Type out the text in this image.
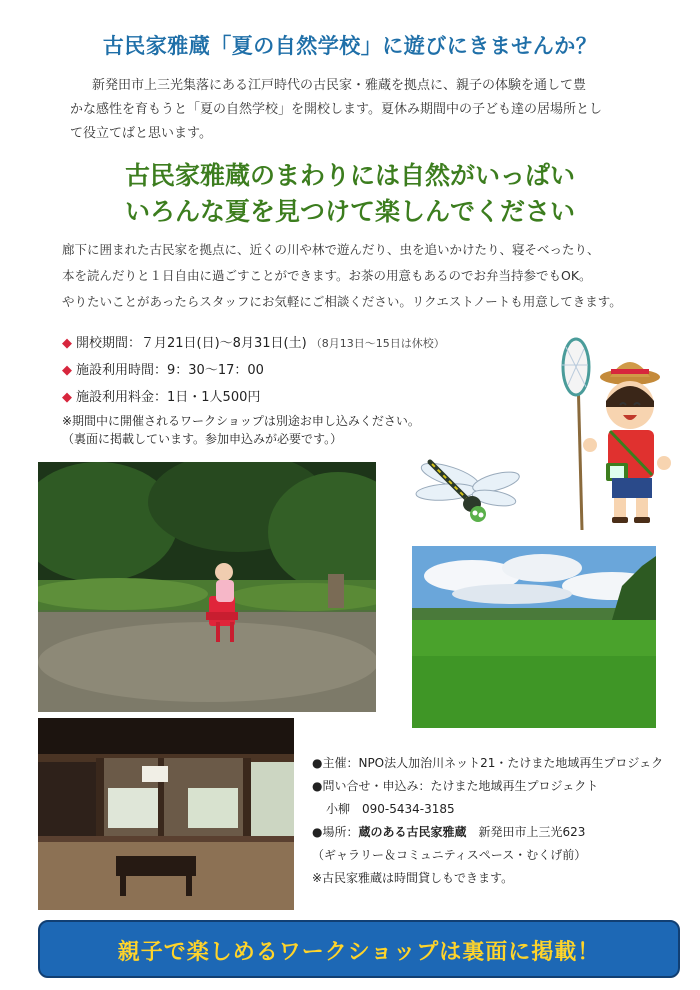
古民家雅蔵「夏の自然学校」に遊びにきませんか？
新発田市上三光集落にある江戸時代の古民家・雅蔵を拠点に、親子の体験を通して豊
かな感性を育もうと「夏の自然学校」を開校します。夏休み期間中の子ども達の居場所とし
て役立てばと思います。
古民家雅蔵のまわりには自然がいっぱい
いろんな夏を見つけて楽しんでください
廊下に囲まれた古民家を拠点に、近くの川や林で遊んだり、虫を追いかけたり、寝そべったり、
本を読んだりと１日自由に過ごすことができます。お茶の用意もあるのでお弁当持参でもOK。
やりたいことがあったらスタッフにお気軽にご相談ください。リクエストノートも用意してきます。
◆ 開校期間：７月21日(日)～8月31日(土) （8月13日～15日は休校）
◆ 施設利用時間：9：30～17：00
◆ 施設利用料金：1日・1人500円
※期間中に開催されるワークショップは別途お申し込みください。
（裏面に掲載しています。参加申込みが必要です。）
●主催：NPO法人加治川ネット21・たけまた地域再生プロジェク
●問い合せ・申込み：たけまた地域再生プロジェクト
小柳　090-5434-3185
●場所：蔵のある古民家雅蔵　 新発田市上三光623
（ギャラリー＆コミュニティスペース・むくげ前）
※古民家雅蔵は時間貸しもできます。
親子で楽しめるワークショップは裏面に掲載！
